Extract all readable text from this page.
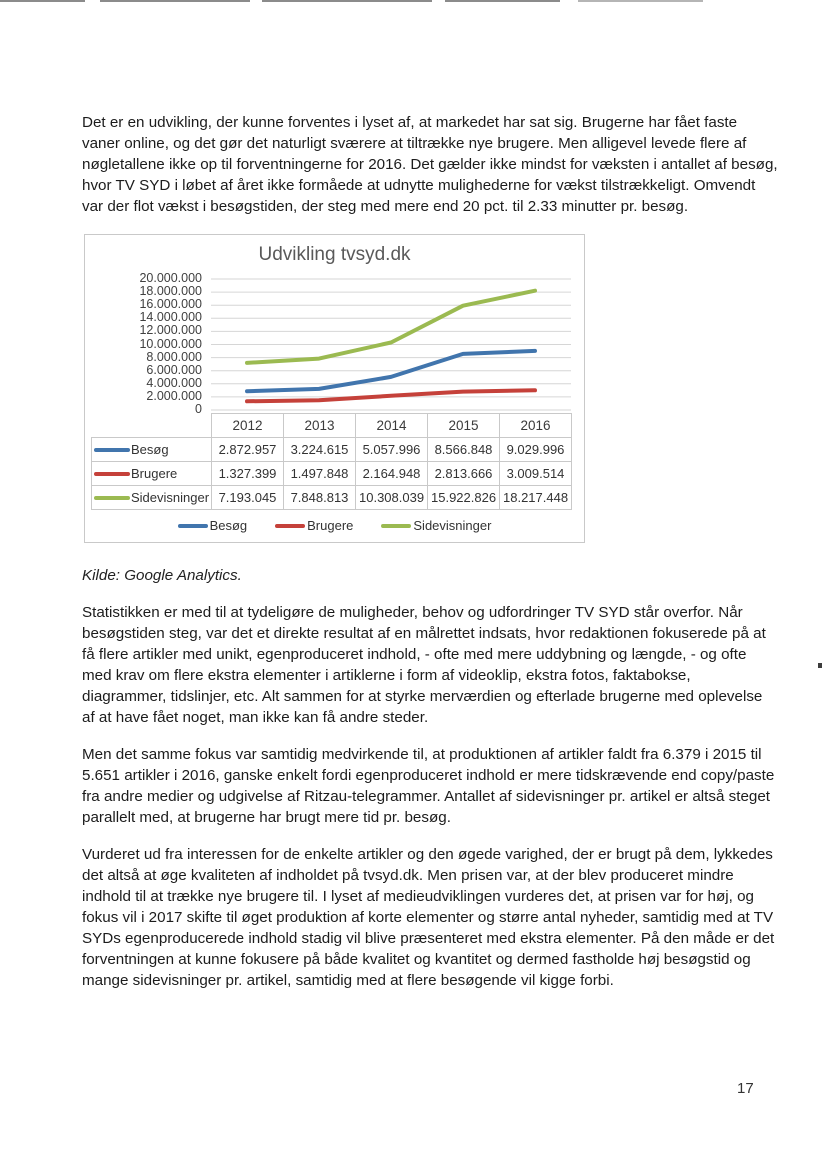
Det er en udvikling, der kunne forventes i lyset af, at markedet har sat sig. Brugerne har fået faste vaner online, og det gør det naturligt sværere at tiltrække nye brugere. Men alligevel levede flere af nøgletallene ikke op til forventningerne for 2016. Det gælder ikke mindst for væksten i antallet af besøg, hvor TV SYD i løbet af året ikke formåede at udnytte mulighederne for vækst tilstrækkeligt. Omvendt var der flot vækst i besøgstiden, der steg med mere end 20 pct. til 2.33 minutter pr. besøg.

Udvikling tvsyd.dk
20.000.000
18.000.000
16.000.000
14.000.000
12.000.000
10.000.000
8.000.000
6.000.000
4.000.000
2.000.000
0
	2012	2013	2014	2015	2016
Besøg	2.872.957	3.224.615	5.057.996	8.566.848	9.029.996
Brugere	1.327.399	1.497.848	2.164.948	2.813.666	3.009.514
Sidevisninger	7.193.045	7.848.813	10.308.039	15.922.826	18.217.448
Besøg	Brugere	Sidevisninger

Kilde: Google Analytics.

Statistikken er med til at tydeligøre de muligheder, behov og udfordringer TV SYD står overfor. Når besøgstiden steg, var det et direkte resultat af en målrettet indsats, hvor redaktionen fokuserede på at få flere artikler med unikt, egenproduceret indhold, - ofte med mere uddybning og længde, - og ofte med krav om flere ekstra elementer i artiklerne i form af videoklip, ekstra fotos, faktabokse, diagrammer, tidslinjer, etc. Alt sammen for at styrke merværdien og efterlade brugerne med oplevelse af at have fået noget, man ikke kan få andre steder.

Men det samme fokus var samtidig medvirkende til, at produktionen af artikler faldt fra 6.379 i 2015 til 5.651 artikler i 2016, ganske enkelt fordi egenproduceret indhold er mere tidskrævende end copy/paste fra andre medier og udgivelse af Ritzau-telegrammer. Antallet af sidevisninger pr. artikel er altså steget parallelt med, at brugerne har brugt mere tid pr. besøg.

Vurderet ud fra interessen for de enkelte artikler og den øgede varighed, der er brugt på dem, lykkedes det altså at øge kvaliteten af indholdet på tvsyd.dk. Men prisen var, at der blev produceret mindre indhold til at trække nye brugere til. I lyset af medieudviklingen vurderes det, at prisen var for høj, og fokus vil i 2017 skifte til øget produktion af korte elementer og større antal nyheder, samtidig med at TV SYDs egenproducerede indhold stadig vil blive præsenteret med ekstra elementer. På den måde er det forventningen at kunne fokusere på både kvalitet og kvantitet og dermed fastholde høj besøgstid og mange sidevisninger pr. artikel, samtidig med at flere besøgende vil kigge forbi.

17
